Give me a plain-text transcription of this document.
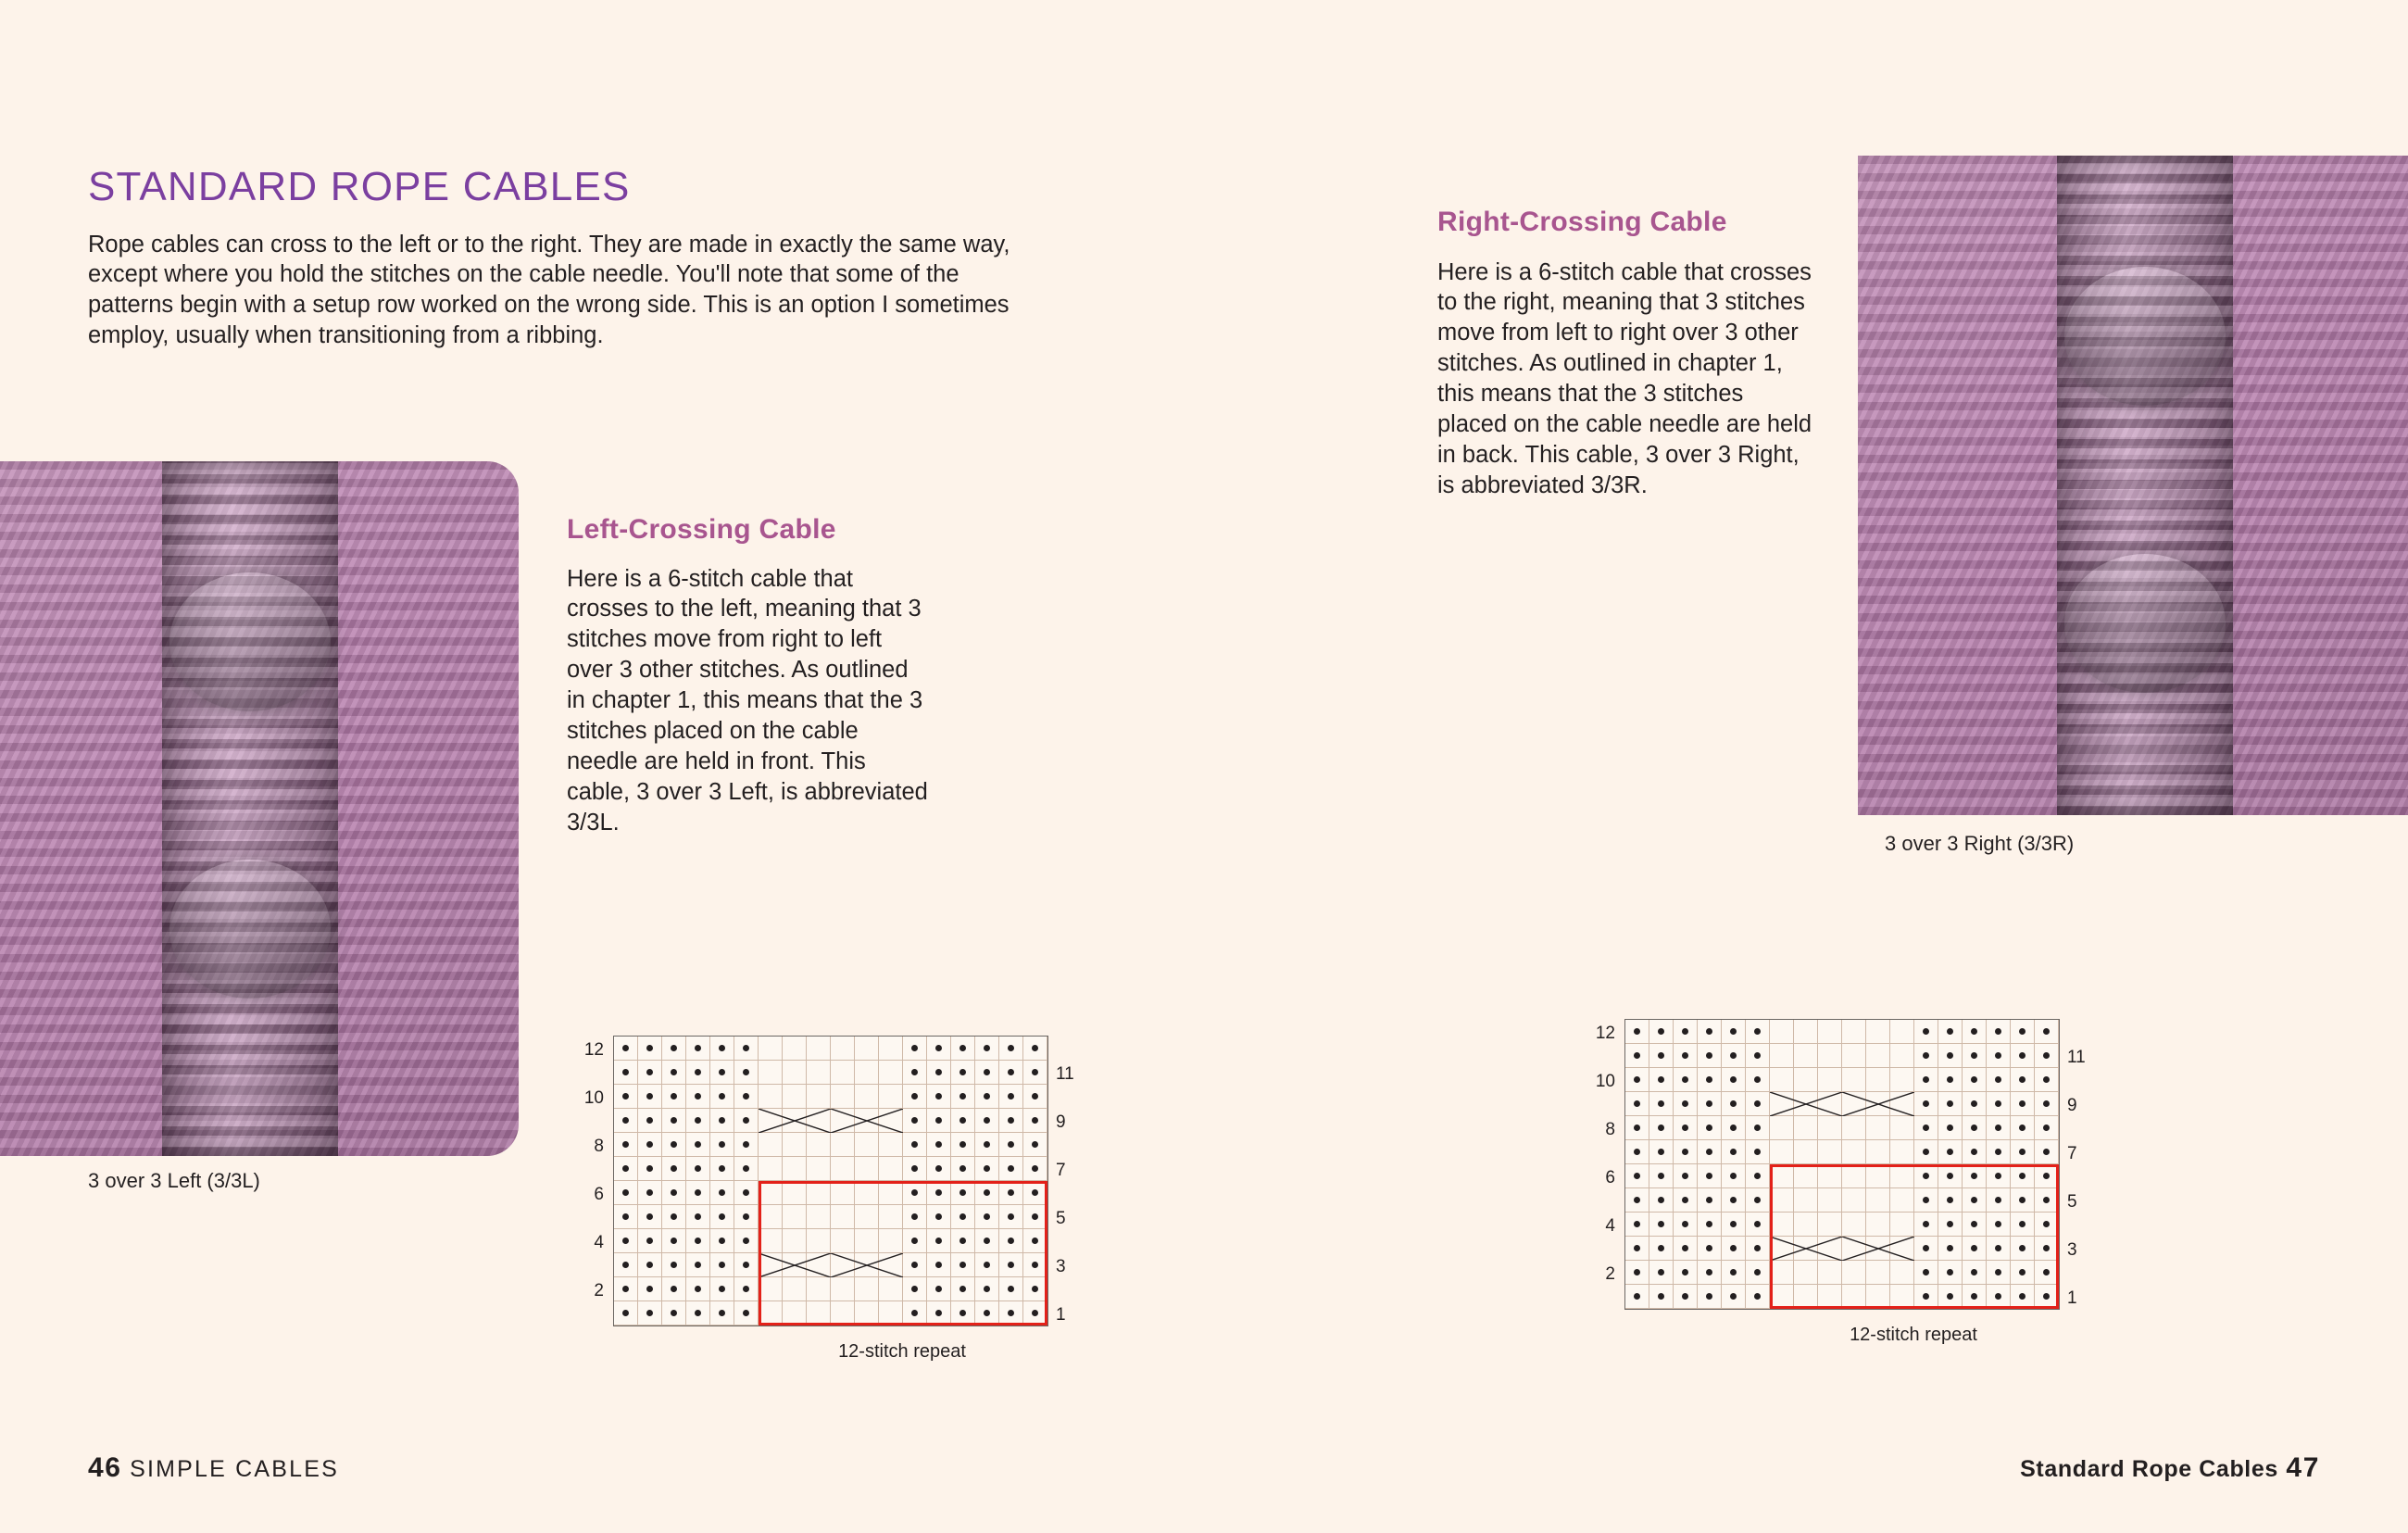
STANDARD ROPE CABLES

Rope cables can cross to the left or to the right. They are made in exactly the same way, except where you hold the stitches on the cable needle. You'll note that some of the patterns begin with a setup row worked on the wrong side. This is an option I sometimes employ, usually when transitioning from a ribbing.

3 over 3 Left (3/3L)
Left-Crossing Cable

Here is a 6-stitch cable that crosses to the left, meaning that 3 stitches move from right to left over 3 other stitches. As outlined in chapter 1, this means that the 3 stitches placed on the cable needle are held in front. This cable, 3 over 3 Left, is abbreviated 3/3L.

12
10
8
6
4
2
11
9
7
5
3
1
12-stitch repeat
46 SIMPLE CABLES
3 over 3 Right (3/3R)
Right-Crossing Cable

Here is a 6-stitch cable that crosses to the right, meaning that 3 stitches move from left to right over 3 other stitches. As outlined in chapter 1, this means that the 3 stitches placed on the cable needle are held in back. This cable, 3 over 3 Right, is abbreviated 3/3R.

12
10
8
6
4
2
11
9
7
5
3
1
12-stitch repeat
Standard Rope Cables 47
